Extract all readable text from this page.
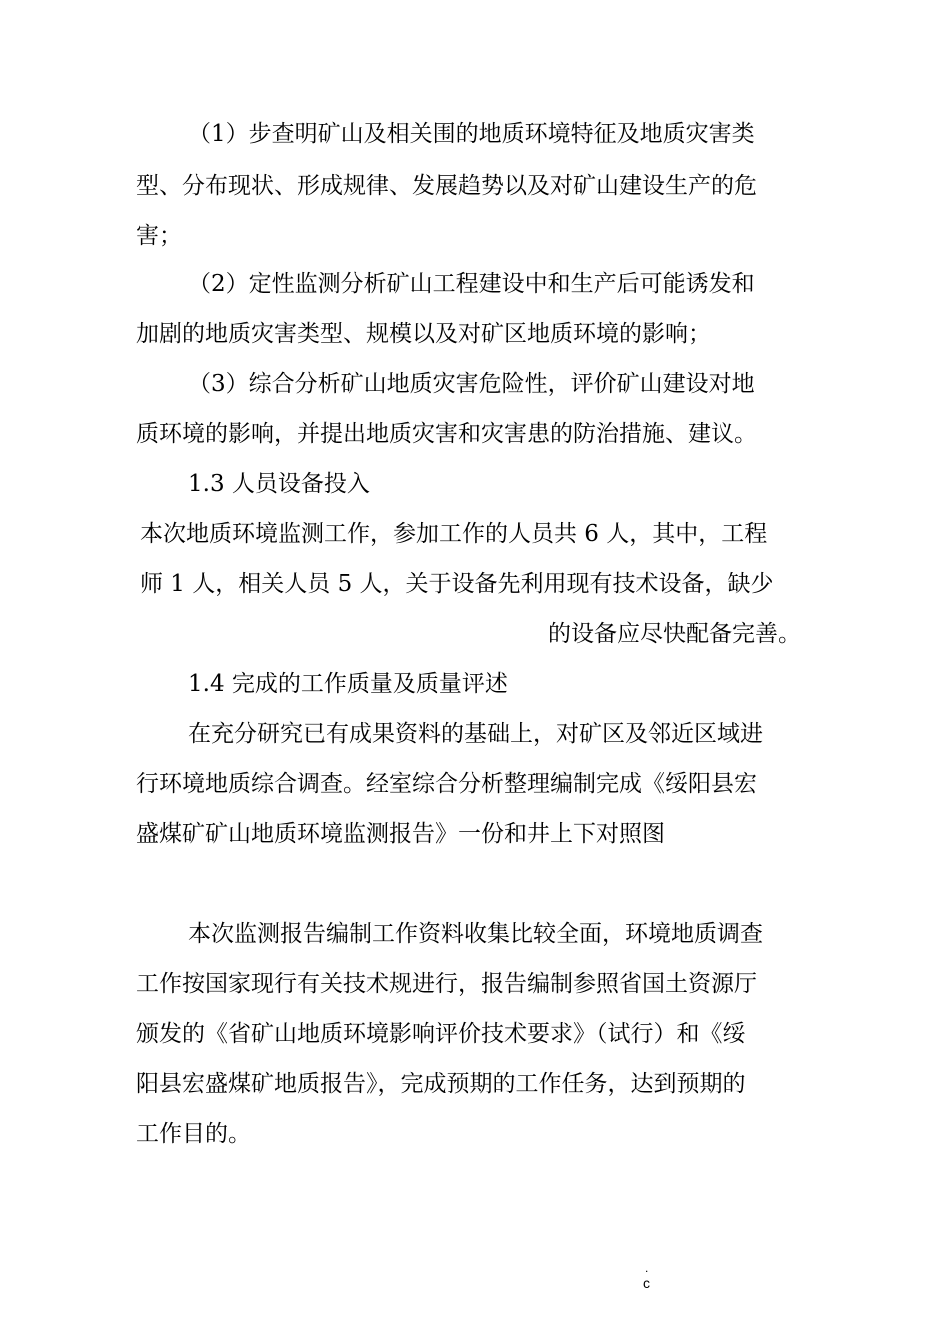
（1）步查明矿山及相关围的地质环境特征及地质灾害类
型、分布现状、形成规律、发展趋势以及对矿山建设生产的危
害；
（2）定性监测分析矿山工程建设中和生产后可能诱发和
加剧的地质灾害类型、规模以及对矿区地质环境的影响；
（3）综合分析矿山地质灾害危险性，评价矿山建设对地
质环境的影响，并提出地质灾害和灾害患的防治措施、建议。
1.3 人员设备投入
本次地质环境监测工作，参加工作的人员共 6 人，其中，工程
师 1 人，相关人员 5 人，关于设备先利用现有技术设备，缺少
的设备应尽快配备完善。
1.4 完成的工作质量及质量评述
在充分研究已有成果资料的基础上，对矿区及邻近区域进
行环境地质综合调查。经室综合分析整理编制完成《绥阳县宏
盛煤矿矿山地质环境监测报告》一份和井上下对照图
本次监测报告编制工作资料收集比较全面，环境地质调查
工作按国家现行有关技术规进行，报告编制参照省国土资源厅
颁发的《省矿山地质环境影响评价技术要求》（试行）和《绥
阳县宏盛煤矿地质报告》，完成预期的工作任务，达到预期的
工作目的。
.
c
